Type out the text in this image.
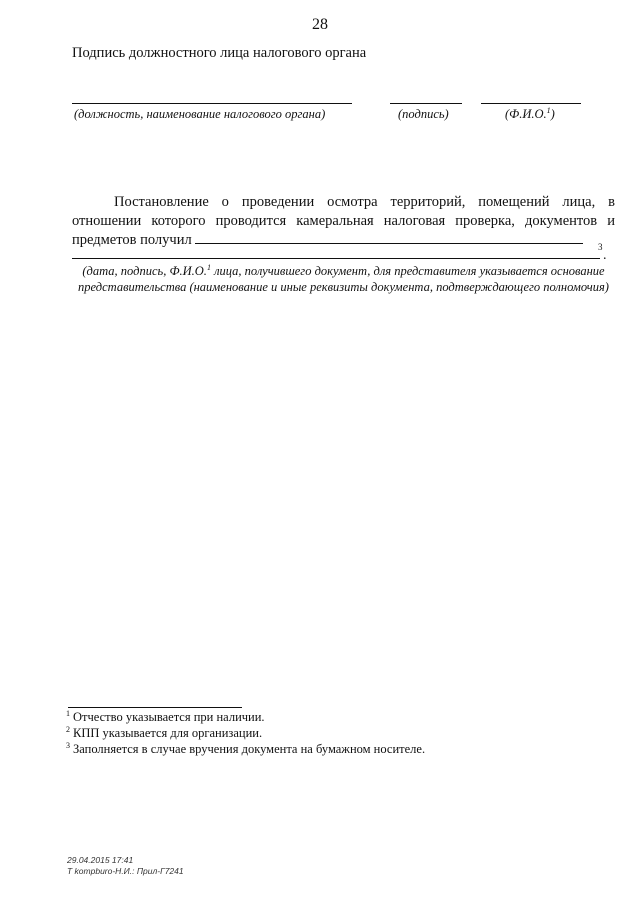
28
Подпись должностного лица налогового органа
(должность, наименование налогового органа)	(подпись)	(Ф.И.О.$^1$)
Постановление о проведении осмотра территорий, помещений лица, в отношении которого проводится камеральная налоговая проверка, документов и предметов получил	3
.
(дата, подпись, Ф.И.О.$^1$ лица, получившего документ, для представителя указывается основание представительства (наименование и иные реквизиты документа, подтверждающего полномочия)
$^1$ Отчество указывается при наличии.
$^2$ КПП указывается для организации.
$^3$ Заполняется в случае вручения документа на бумажном носителе.
29.04.2015 17:41
Т kompburo-Н.И.: Прил-Г7241
